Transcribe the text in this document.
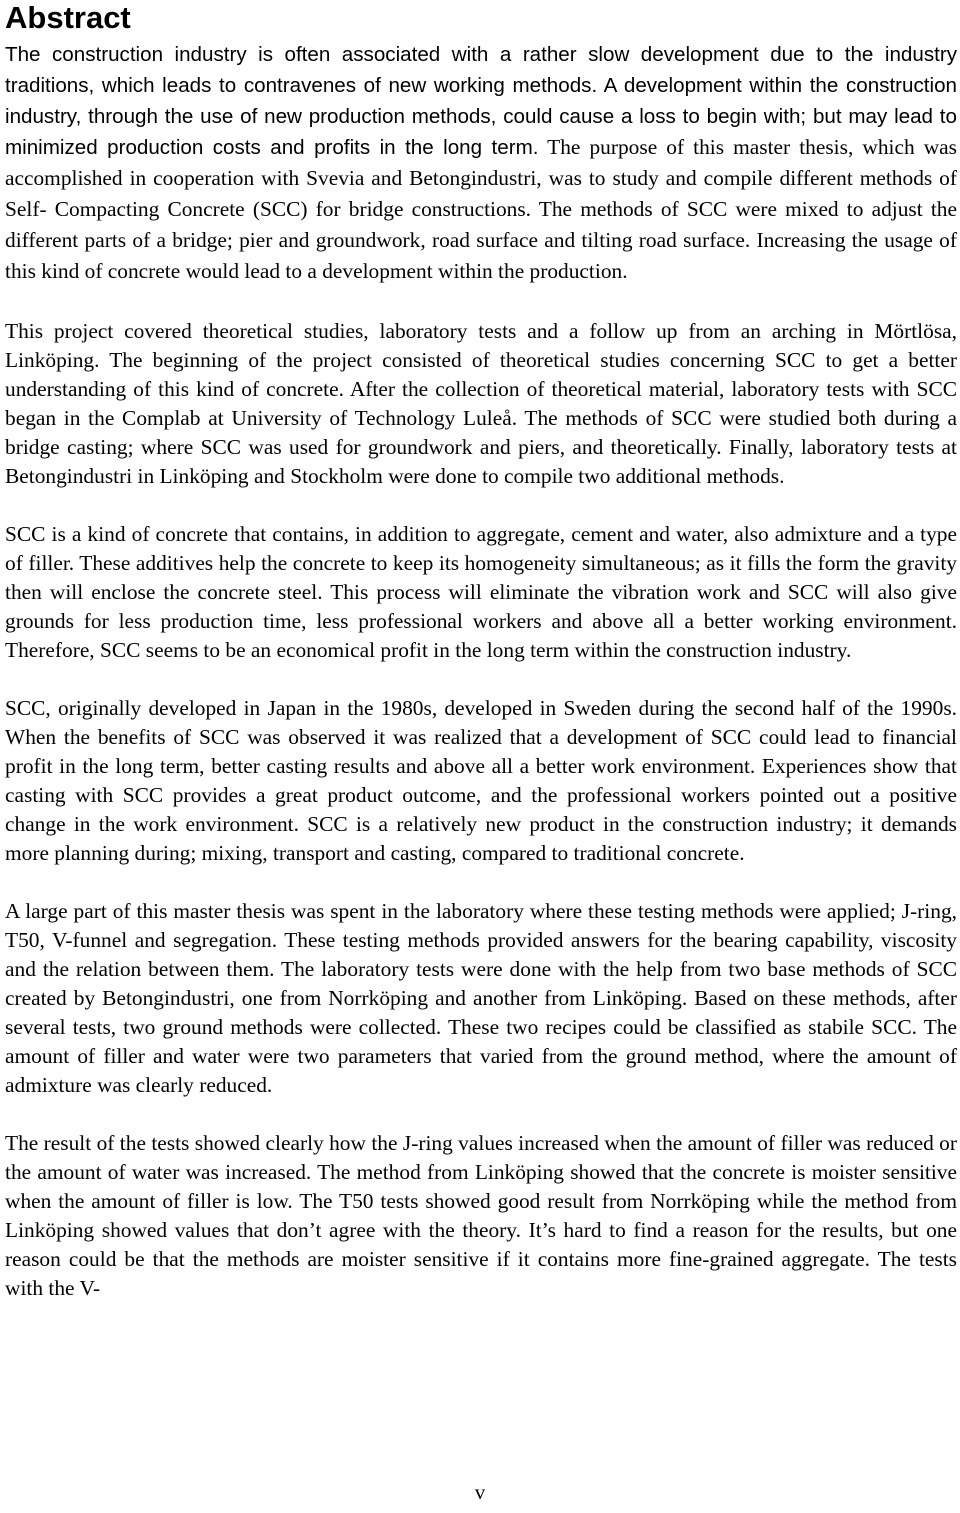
Abstract

The construction industry is often associated with a rather slow development due to the industry traditions, which leads to contravenes of new working methods. A development within the construction industry, through the use of new production methods, could cause a loss to begin with; but may lead to minimized production costs and profits in the long term. The purpose of this master thesis, which was accomplished in cooperation with Svevia and Betongindustri, was to study and compile different methods of Self- Compacting Concrete (SCC) for bridge constructions. The methods of SCC were mixed to adjust the different parts of a bridge; pier and groundwork, road surface and tilting road surface. Increasing the usage of this kind of concrete would lead to a development within the production.

This project covered theoretical studies, laboratory tests and a follow up from an arching in Mörtlösa, Linköping. The beginning of the project consisted of theoretical studies concerning SCC to get a better understanding of this kind of concrete. After the collection of theoretical material, laboratory tests with SCC began in the Complab at University of Technology Luleå. The methods of SCC were studied both during a bridge casting; where SCC was used for groundwork and piers, and theoretically. Finally, laboratory tests at Betongindustri in Linköping and Stockholm were done to compile two additional methods.

SCC is a kind of concrete that contains, in addition to aggregate, cement and water, also admixture and a type of filler. These additives help the concrete to keep its homogeneity simultaneous; as it fills the form the gravity then will enclose the concrete steel. This process will eliminate the vibration work and SCC will also give grounds for less production time, less professional workers and above all a better working environment. Therefore, SCC seems to be an economical profit in the long term within the construction industry.

SCC, originally developed in Japan in the 1980s, developed in Sweden during the second half of the 1990s. When the benefits of SCC was observed it was realized that a development of SCC could lead to financial profit in the long term, better casting results and above all a better work environment. Experiences show that casting with SCC provides a great product outcome, and the professional workers pointed out a positive change in the work environment. SCC is a relatively new product in the construction industry; it demands more planning during; mixing, transport and casting, compared to traditional concrete.

A large part of this master thesis was spent in the laboratory where these testing methods were applied; J-ring, T50, V-funnel and segregation. These testing methods provided answers for the bearing capability, viscosity and the relation between them. The laboratory tests were done with the help from two base methods of SCC created by Betongindustri, one from Norrköping and another from Linköping. Based on these methods, after several tests, two ground methods were collected. These two recipes could be classified as stabile SCC. The amount of filler and water were two parameters that varied from the ground method, where the amount of admixture was clearly reduced.

The result of the tests showed clearly how the J-ring values increased when the amount of filler was reduced or the amount of water was increased. The method from Linköping showed that the concrete is moister sensitive when the amount of filler is low. The T50 tests showed good result from Norrköping while the method from Linköping showed values that don’t agree with the theory. It’s hard to find a reason for the results, but one reason could be that the methods are moister sensitive if it contains more fine-grained aggregate. The tests with the V-

v
